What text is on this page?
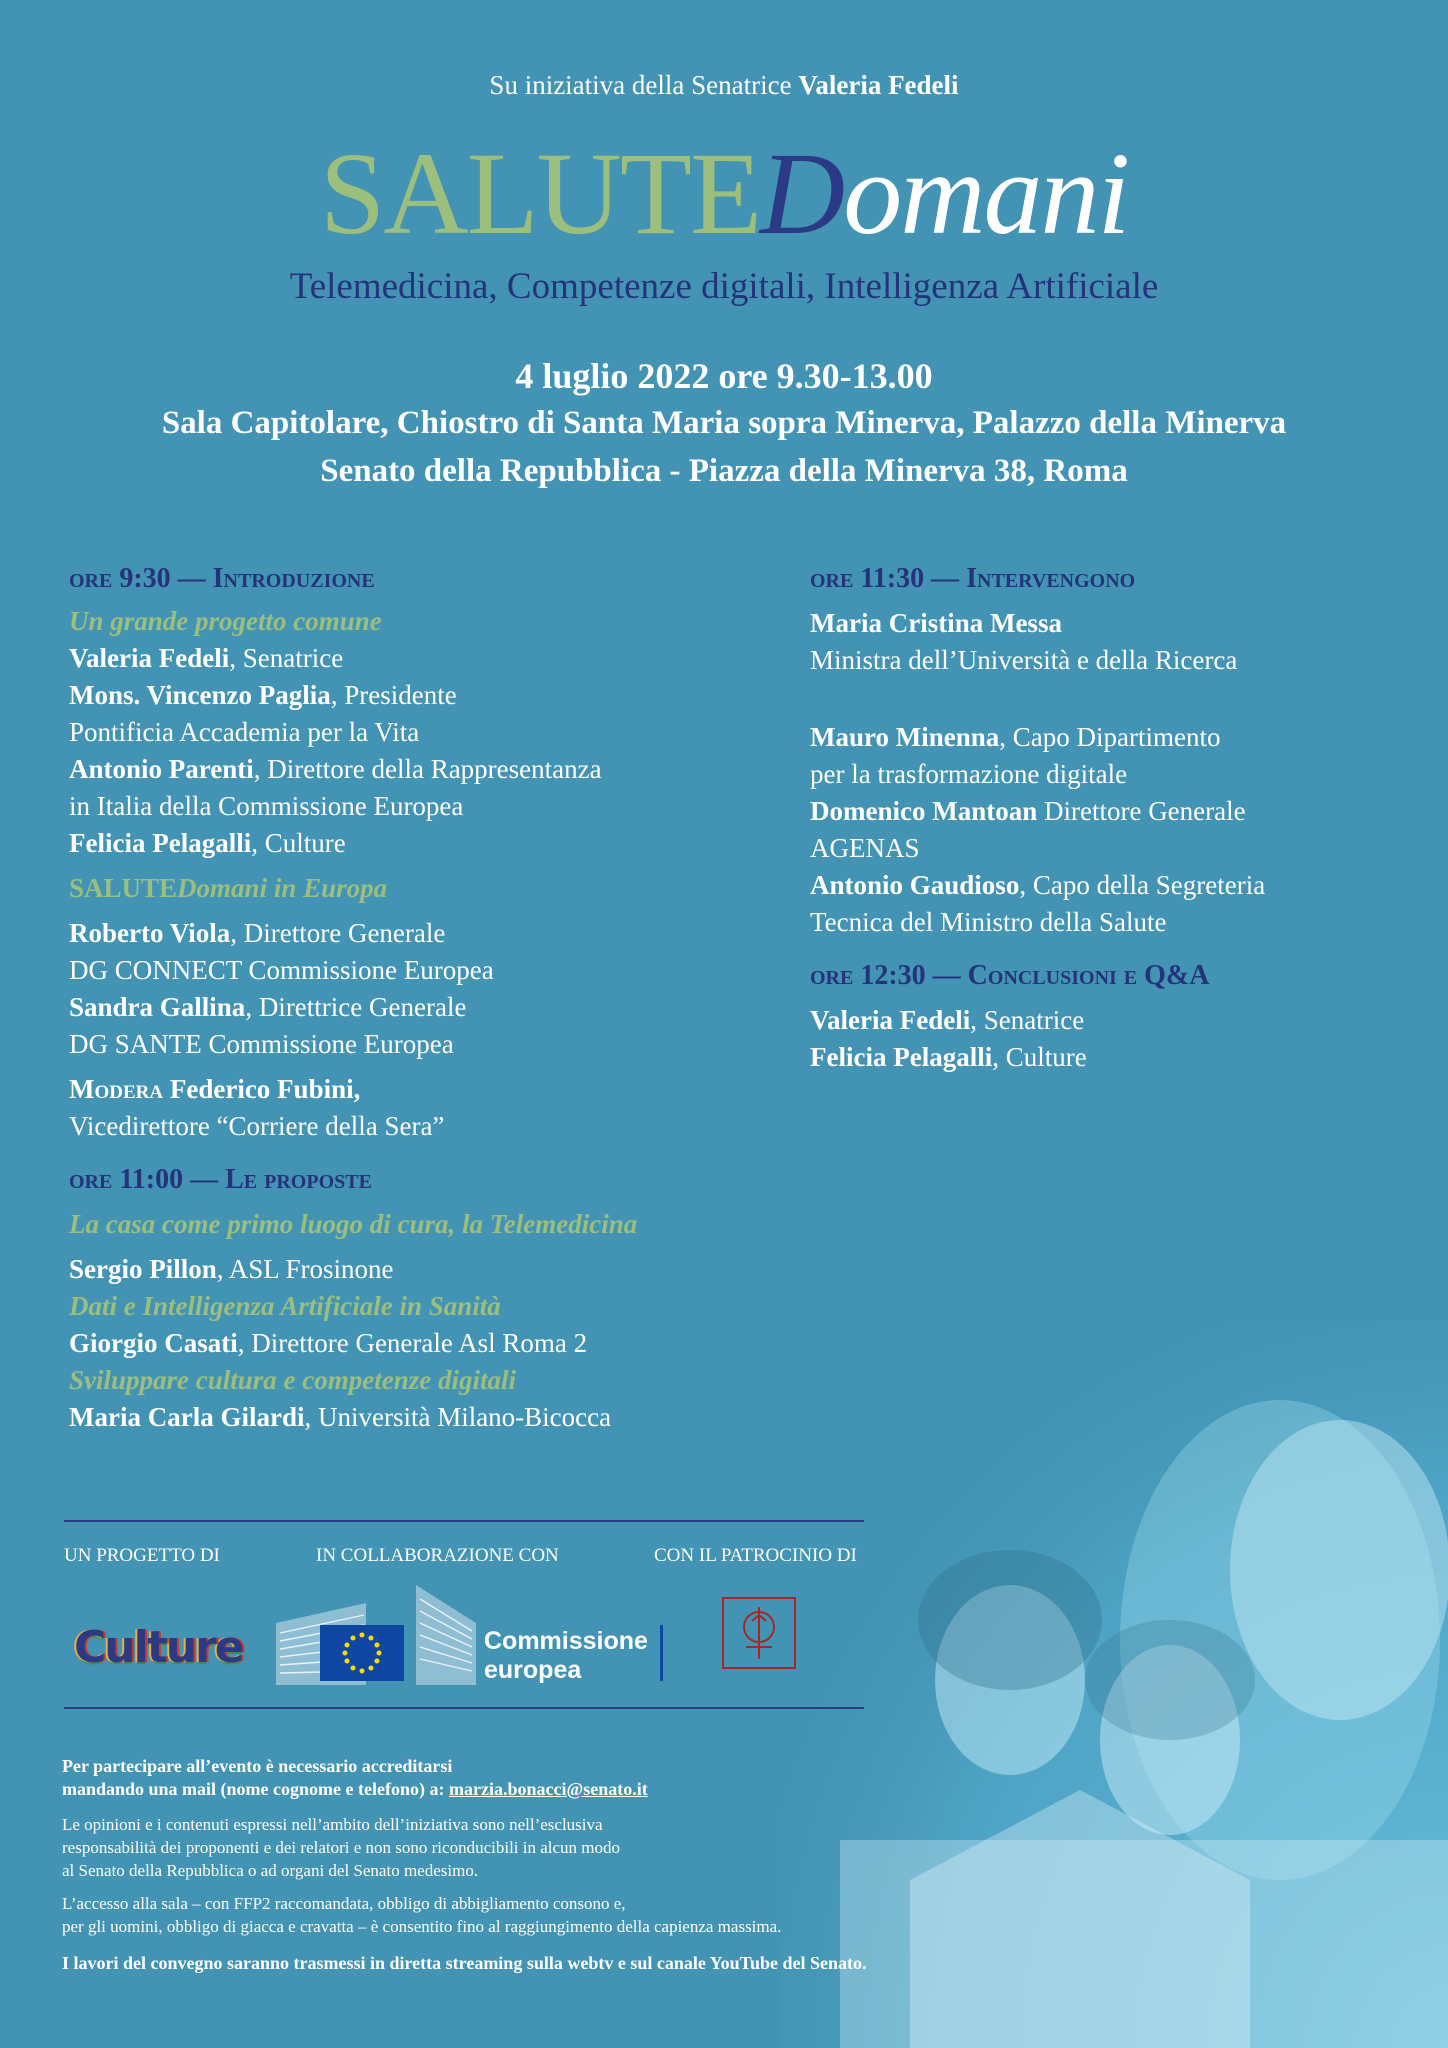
Su iniziativa della Senatrice Valeria Fedeli
SALUTEDomani
Telemedicina, Competenze digitali, Intelligenza Artificiale
4 luglio 2022 ore 9.30-13.00
Sala Capitolare, Chiostro di Santa Maria sopra Minerva, Palazzo della Minerva
Senato della Repubblica - Piazza della Minerva 38, Roma
ore 9:30 — Introduzione
Un grande progetto comune
Valeria Fedeli, Senatrice
Mons. Vincenzo Paglia, Presidente
Pontificia Accademia per la Vita
Antonio Parenti, Direttore della Rappresentanza
in Italia della Commissione Europea
Felicia Pelagalli, Culture
SALUTEDomani in Europa
Roberto Viola, Direttore Generale
DG CONNECT Commissione Europea
Sandra Gallina, Direttrice Generale
DG SANTE Commissione Europea
Modera Federico Fubini,
Vicedirettore “Corriere della Sera”
ore 11:00 — Le proposte
La casa come primo luogo di cura, la Telemedicina
Sergio Pillon, ASL Frosinone
Dati e Intelligenza Artificiale in Sanità
Giorgio Casati, Direttore Generale Asl Roma 2
Sviluppare cultura e competenze digitali
Maria Carla Gilardi, Università Milano-Bicocca
ore 11:30 — Intervengono
Maria Cristina Messa
Ministra dell’Università e della Ricerca
Mauro Minenna, Capo Dipartimento
per la trasformazione digitale
Domenico Mantoan Direttore Generale
AGENAS
Antonio Gaudioso, Capo della Segreteria
Tecnica del Ministro della Salute
ore 12:30 — Conclusioni e Q&A
Valeria Fedeli, Senatrice
Felicia Pelagalli, Culture
UN PROGETTO DI	IN COLLABORAZIONE CON	CON IL PATROCINIO DI
Culture	Commissione
europea
Per partecipare all’evento è necessario accreditarsi
mandando una mail (nome cognome e telefono) a: marzia.bonacci@senato.it
Le opinioni e i contenuti espressi nell’ambito dell’iniziativa sono nell’esclusiva
responsabilità dei proponenti e dei relatori e non sono riconducibili in alcun modo
al Senato della Repubblica o ad organi del Senato medesimo.
L’accesso alla sala – con FFP2 raccomandata, obbligo di abbigliamento consono e,
per gli uomini, obbligo di giacca e cravatta – è consentito fino al raggiungimento della capienza massima.
I lavori del convegno saranno trasmessi in diretta streaming sulla webtv e sul canale YouTube del Senato.
